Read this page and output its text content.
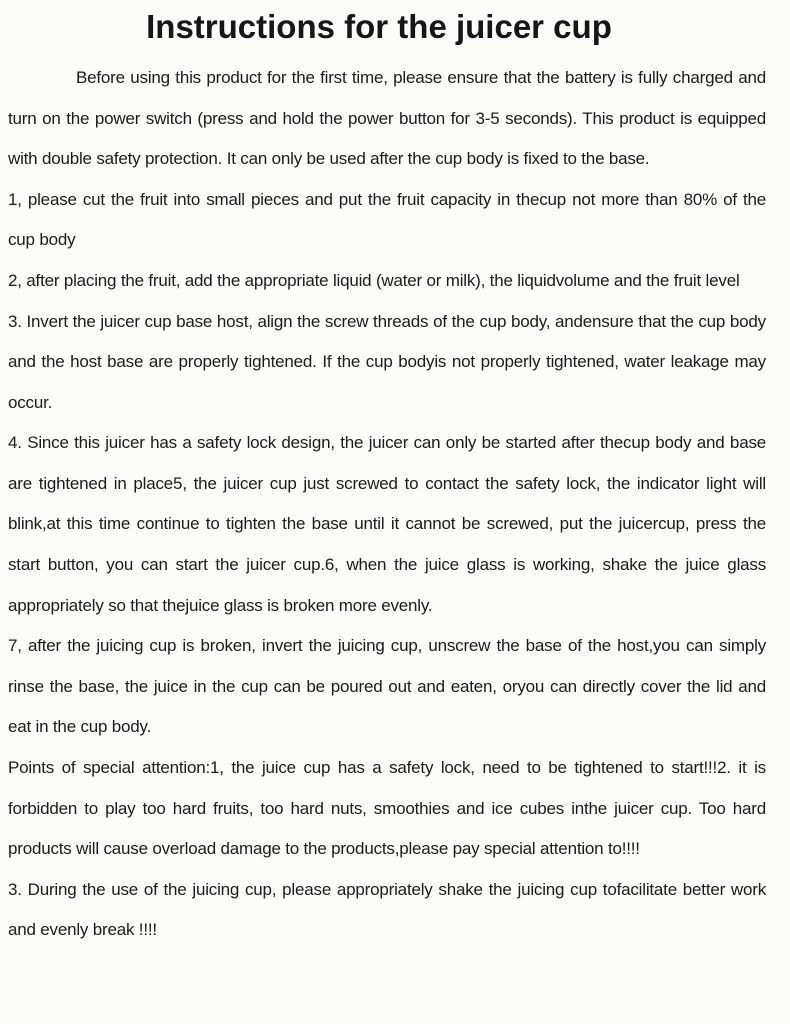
Instructions for the juicer cup

Before using this product for the first time, please ensure that the battery is fully charged and turn on the power switch (press and hold the power button for 3-5 seconds). This product is equipped with double safety protection. It can only be used after the cup body is fixed to the base.

1, please cut the fruit into small pieces and put the fruit capacity in thecup not more than 80% of the cup body

2, after placing the fruit, add the appropriate liquid (water or milk), the liquidvolume and the fruit level

3. Invert the juicer cup base host, align the screw threads of the cup body, andensure that the cup body and the host base are properly tightened. If the cup bodyis not properly tightened, water leakage may occur.

4. Since this juicer has a safety lock design, the juicer can only be started after thecup body and base are tightened in place5, the juicer cup just screwed to contact the safety lock, the indicator light will blink,at this time continue to tighten the base until it cannot be screwed, put the juicercup, press the start button, you can start the juicer cup.6, when the juice glass is working, shake the juice glass appropriately so that thejuice glass is broken more evenly.

7, after the juicing cup is broken, invert the juicing cup, unscrew the base of the host,you can simply rinse the base, the juice in the cup can be poured out and eaten, oryou can directly cover the lid and eat in the cup body.

Points of special attention:1, the juice cup has a safety lock, need to be tightened to start!!!2. it is forbidden to play too hard fruits, too hard nuts, smoothies and ice cubes inthe juicer cup. Too hard products will cause overload damage to the products,please pay special attention to!!!!

3. During the use of the juicing cup, please appropriately shake the juicing cup tofacilitate better work and evenly break !!!!
